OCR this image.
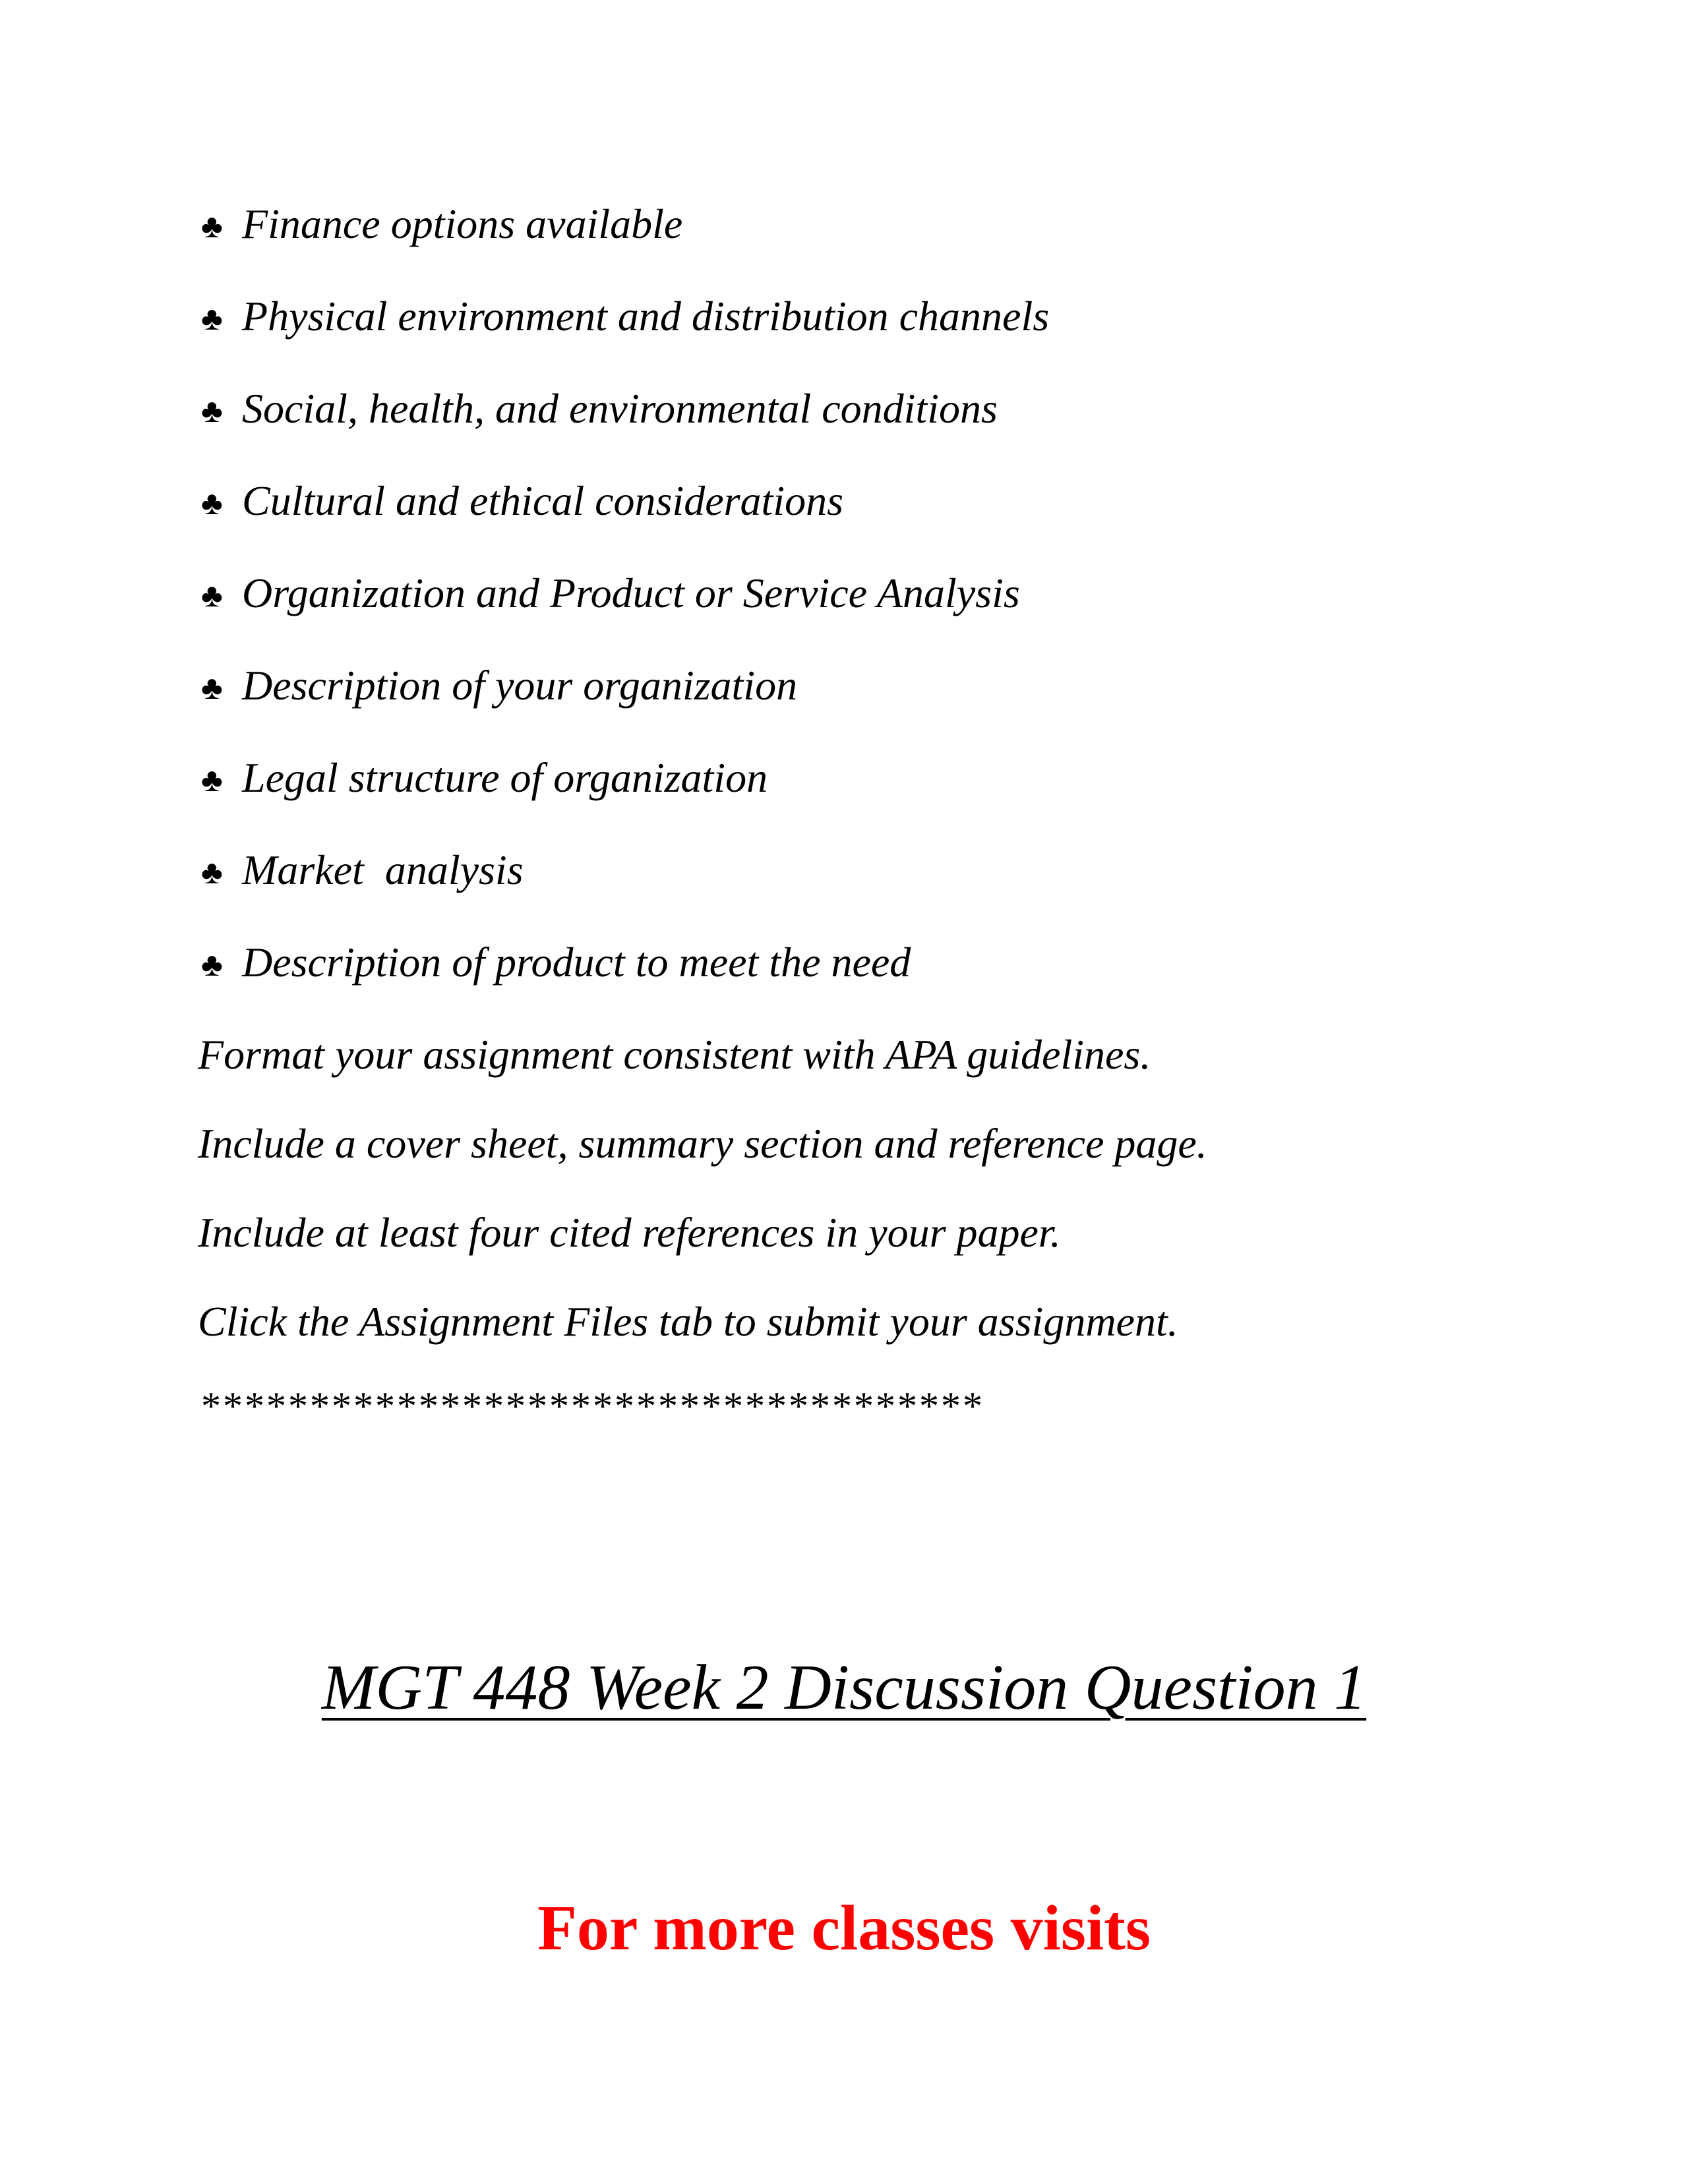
♣ Finance options available
♣ Physical environment and distribution channels
♣ Social, health, and environmental conditions
♣ Cultural and ethical considerations
♣ Organization and Product or Service Analysis
♣ Description of your organization
♣ Legal structure of organization
♣ Market  analysis
♣ Description of product to meet the need
Format your assignment consistent with APA guidelines.
Include a cover sheet, summary section and reference page.
Include at least four cited references in your paper.
Click the Assignment Files tab to submit your assignment.
************************************
MGT 448 Week 2 Discussion Question 1
For more classes visits
